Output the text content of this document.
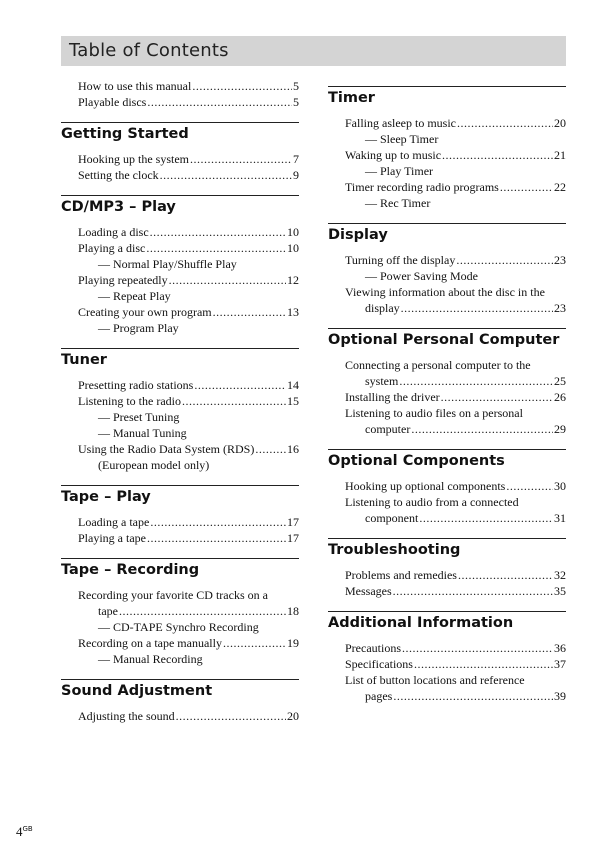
Table of Contents
How to use this manual .....	5
Playable discs .....	5
Getting Started
Hooking up the system .....	7
Setting the clock .....	9
CD/MP3 – Play
Loading a disc .....	10
Playing a disc .....	10
— Normal Play/Shuffle Play
Playing repeatedly .....	12
— Repeat Play
Creating your own program .....	13
— Program Play
Tuner
Presetting radio stations .....	14
Listening to the radio .....	15
— Preset Tuning
— Manual Tuning
Using the Radio Data System (RDS) .....	16
(European model only)
Tape – Play
Loading a tape .....	17
Playing a tape .....	17
Tape – Recording
Recording your favorite CD tracks on a
tape .....	18
— CD-TAPE Synchro Recording
Recording on a tape manually .....	19
— Manual Recording
Sound Adjustment
Adjusting the sound .....	20
Timer
Falling asleep to music .....	20
— Sleep Timer
Waking up to music .....	21
— Play Timer
Timer recording radio programs .....	22
— Rec Timer
Display
Turning off the display .....	23
— Power Saving Mode
Viewing information about the disc in the
display .....	23
Optional Personal Computer
Connecting a personal computer to the
system .....	25
Installing the driver .....	26
Listening to audio files on a personal
computer .....	29
Optional Components
Hooking up optional components .....	30
Listening to audio from a connected
component .....	31
Troubleshooting
Problems and remedies .....	32
Messages .....	35
Additional Information
Precautions .....	36
Specifications .....	37
List of button locations and reference
pages .....	39
$4^{GB}$
